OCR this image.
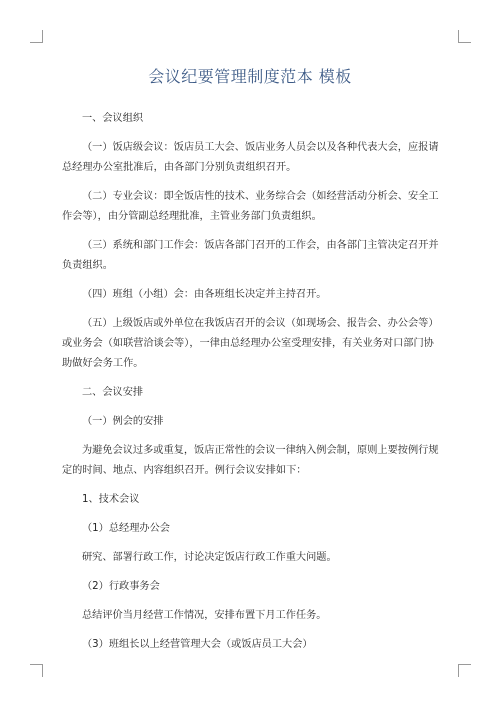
会议纪要管理制度范本 模板

一、会议组织

（一）饭店级会议：饭店员工大会、饭店业务人员会以及各种代表大会，应报请

总经理办公室批准后，由各部门分别负责组织召开。

（二）专业会议：即全饭店性的技术、业务综合会（如经营活动分析会、安全工

作会等），由分管副总经理批准，主管业务部门负责组织。

（三）系统和部门工作会：饭店各部门召开的工作会，由各部门主管决定召开并

负责组织。

（四）班组（小组）会：由各班组长决定并主持召开。

（五）上级饭店或外单位在我饭店召开的会议（如现场会、报告会、办公会等）

或业务会（如联营洽谈会等），一律由总经理办公室受理安排，有关业务对口部门协

助做好会务工作。

二、会议安排

（一）例会的安排

为避免会议过多或重复，饭店正常性的会议一律纳入例会制，原则上要按例行规

定的时间、地点、内容组织召开。例行会议安排如下：

1、技术会议

（1）总经理办公会

研究、部署行政工作，讨论决定饭店行政工作重大问题。

（2）行政事务会

总结评价当月经营工作情况，安排布置下月工作任务。

（3）班组长以上经营管理大会（或饭店员工大会）
